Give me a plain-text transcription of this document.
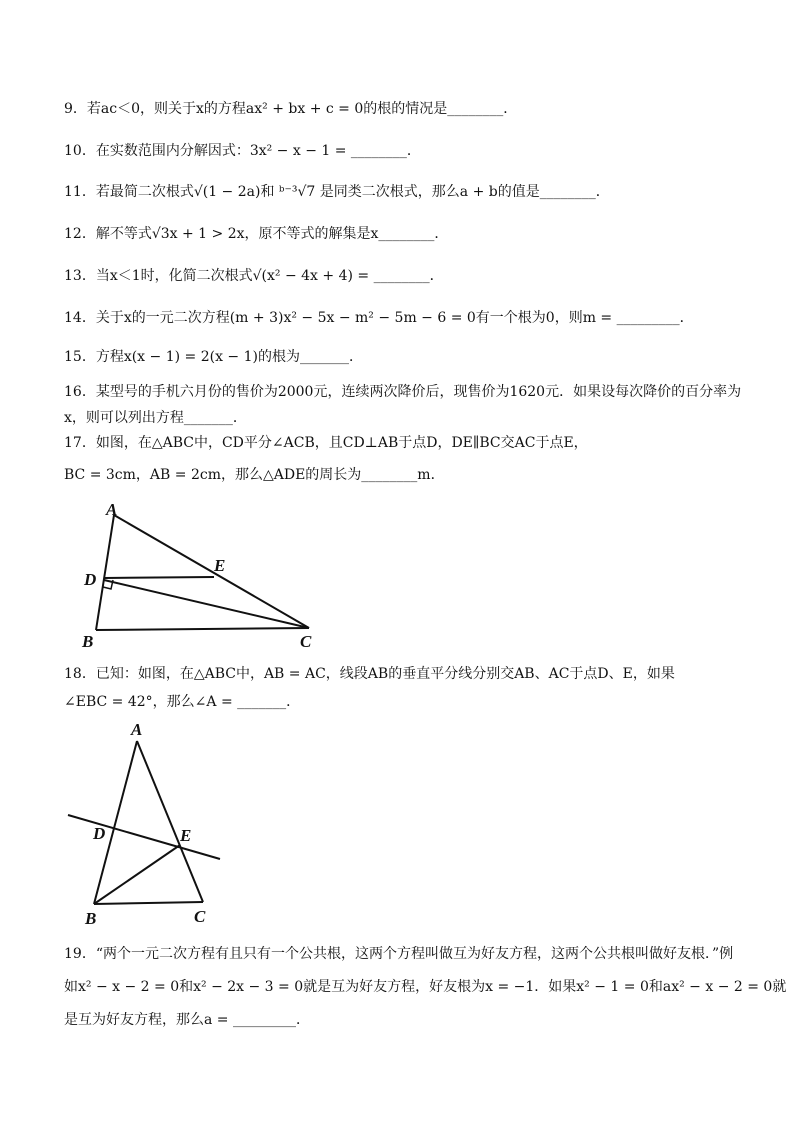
9．若ac＜0，则关于x的方程ax² + bx + c = 0的根的情况是________．
10．在实数范围内分解因式：3x² − x − 1 = ________．
11．若最简二次根式√(1 − 2a)和 ᵇ⁻³√7 是同类二次根式，那么a + b的值是________．
12．解不等式√3x + 1 > 2x，原不等式的解集是x________．
13．当x＜1时，化简二次根式√(x² − 4x + 4) = ________．
14．关于x的一元二次方程(m + 3)x² − 5x − m² − 5m − 6 = 0有一个根为0，则m = _________．
15．方程x(x − 1) = 2(x − 1)的根为_______．
16．某型号的手机六月份的售价为2000元，连续两次降价后，现售价为1620元．如果设每次降价的百分率为
x，则可以列出方程_______．
17．如图，在△ABC中，CD平分∠ACB，且CD⊥AB于点D，DE∥BC交AC于点E，
BC = 3cm，AB = 2cm，那么△ADE的周长为________m．
A
E
D
B	C
18．已知：如图，在△ABC中，AB = AC，线段AB的垂直平分线分别交AB、AC于点D、E，如果
∠EBC = 42°，那么∠A = _______．
A
D	E
B	C
19．“两个一元二次方程有且只有一个公共根，这两个方程叫做互为好友方程，这两个公共根叫做好友根．”例
如x² − x − 2 = 0和x² − 2x − 3 = 0就是互为好友方程，好友根为x = −1．如果x² − 1 = 0和ax² − x − 2 = 0就
是互为好友方程，那么a = _________．
